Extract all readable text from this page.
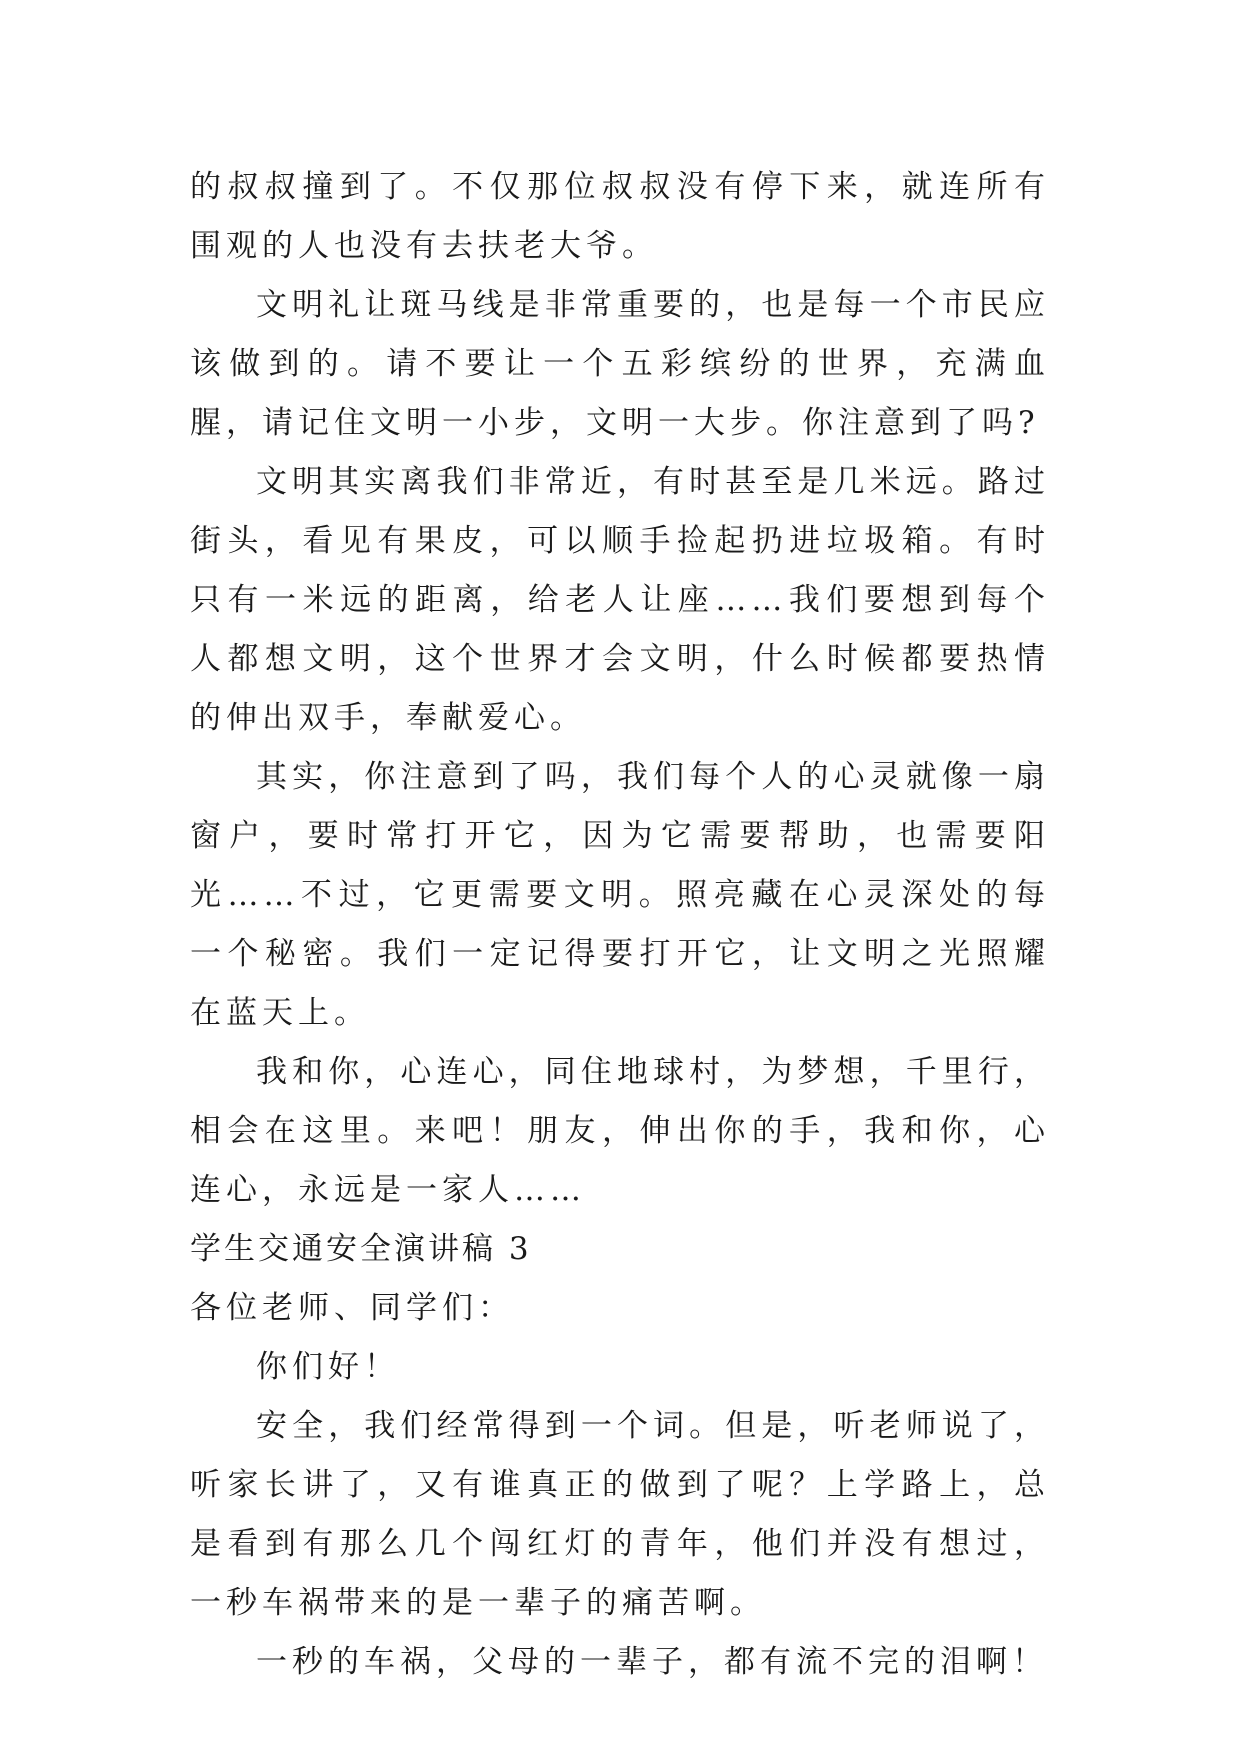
的叔叔撞到了。不仅那位叔叔没有停下来，就连所有围观的人也没有去扶老大爷。

文明礼让斑马线是非常重要的，也是每一个市民应该做到的。请不要让一个五彩缤纷的世界，充满血腥，请记住文明一小步，文明一大步。你注意到了吗?

文明其实离我们非常近，有时甚至是几米远。路过街头，看见有果皮，可以顺手捡起扔进垃圾箱。有时只有一米远的距离，给老人让座……我们要想到每个人都想文明，这个世界才会文明，什么时候都要热情的伸出双手，奉献爱心。

其实，你注意到了吗，我们每个人的心灵就像一扇窗户，要时常打开它，因为它需要帮助，也需要阳光……不过，它更需要文明。照亮藏在心灵深处的每一个秘密。我们一定记得要打开它，让文明之光照耀在蓝天上。

我和你，心连心，同住地球村，为梦想，千里行，相会在这里。来吧！朋友，伸出你的手，我和你，心连心，永远是一家人……

学生交通安全演讲稿 3

各位老师、同学们：

你们好！

安全，我们经常得到一个词。但是，听老师说了，听家长讲了，又有谁真正的做到了呢？上学路上，总是看到有那么几个闯红灯的青年，他们并没有想过，一秒车祸带来的是一辈子的痛苦啊。

一秒的车祸，父母的一辈子，都有流不完的泪啊！
